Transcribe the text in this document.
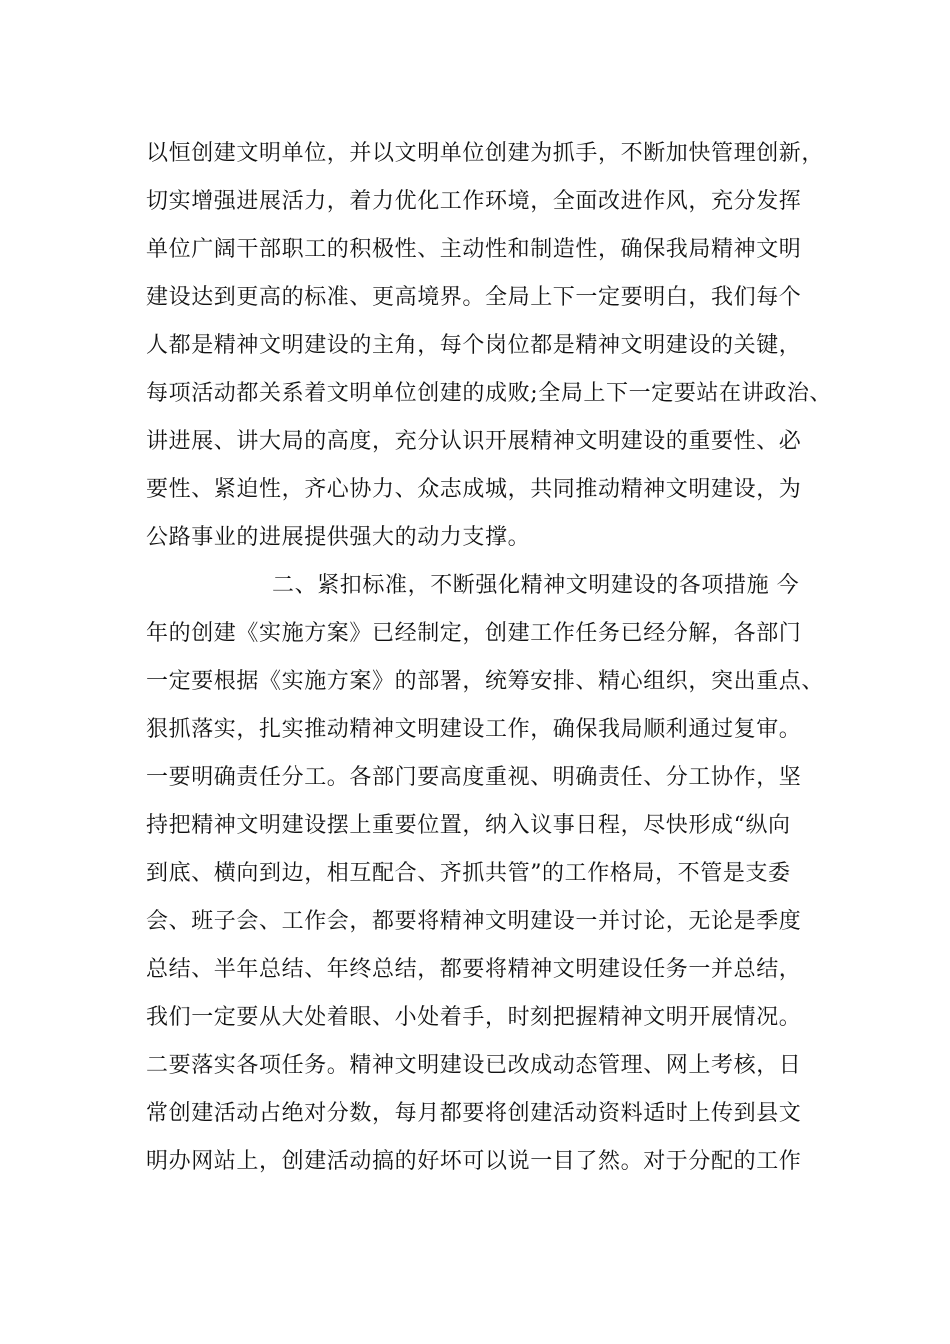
以恒创建文明单位，并以文明单位创建为抓手，不断加快管理创新，
切实增强进展活力，着力优化工作环境，全面改进作风，充分发挥
单位广阔干部职工的积极性、主动性和制造性，确保我局精神文明
建设达到更高的标准、更高境界。全局上下一定要明白，我们每个
人都是精神文明建设的主角，每个岗位都是精神文明建设的关键，
每项活动都关系着文明单位创建的成败;全局上下一定要站在讲政治、
讲进展、讲大局的高度，充分认识开展精神文明建设的重要性、必
要性、紧迫性，齐心协力、众志成城，共同推动精神文明建设，为
公路事业的进展提供强大的动力支撑。
二、紧扣标准，不断强化精神文明建设的各项措施 今
年的创建《实施方案》已经制定，创建工作任务已经分解，各部门
一定要根据《实施方案》的部署，统筹安排、精心组织，突出重点、
狠抓落实，扎实推动精神文明建设工作，确保我局顺利通过复审。
一要明确责任分工。各部门要高度重视、明确责任、分工协作，坚
持把精神文明建设摆上重要位置，纳入议事日程，尽快形成“纵向
到底、横向到边，相互配合、齐抓共管”的工作格局，不管是支委
会、班子会、工作会，都要将精神文明建设一并讨论，无论是季度
总结、半年总结、年终总结，都要将精神文明建设任务一并总结，
我们一定要从大处着眼、小处着手，时刻把握精神文明开展情况。
二要落实各项任务。精神文明建设已改成动态管理、网上考核，日
常创建活动占绝对分数，每月都要将创建活动资料适时上传到县文
明办网站上，创建活动搞的好坏可以说一目了然。对于分配的工作
